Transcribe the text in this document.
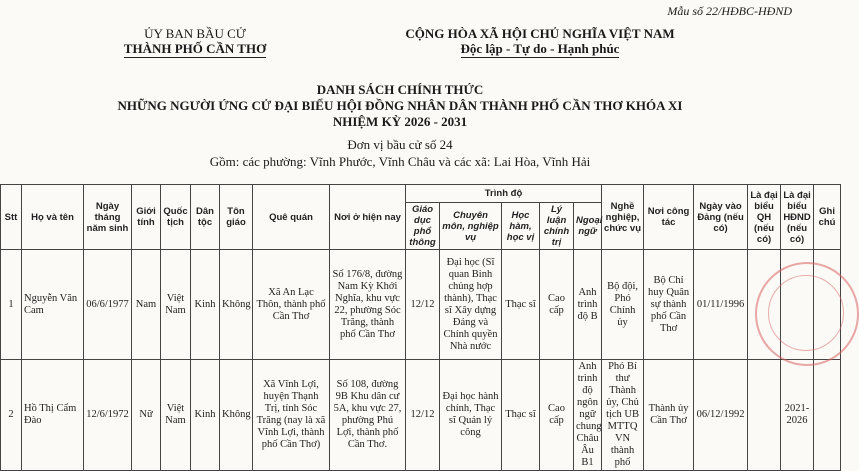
Mẫu số 22/HĐBC-HĐND
ỦY BAN BẦU CỬ
THÀNH PHỐ CẦN THƠ
CỘNG HÒA XÃ HỘI CHỦ NGHĨA VIỆT NAM
Độc lập - Tự do - Hạnh phúc
DANH SÁCH CHÍNH THỨC
NHỮNG NGƯỜI ỨNG CỬ ĐẠI BIỂU HỘI ĐỒNG NHÂN DÂN THÀNH PHỐ CẦN THƠ KHÓA XI
NHIỆM KỲ 2026 - 2031
Đơn vị bầu cử số 24
Gồm: các phường: Vĩnh Phước, Vĩnh Châu và các xã: Lai Hòa, Vĩnh Hải
Stt	Họ và tên	Ngày tháng năm sinh	Giới tính	Quốc tịch	Dân tộc	Tôn giáo	Quê quán	Nơi ở hiện nay	Trình độ					Nghề nghiệp, chức vụ	Nơi công tác	Ngày vào Đảng (nếu có)	Là đại biểu QH (nếu có)	Là đại biểu HĐND (nếu có)	Ghi chú
									Giáo dục phổ thông	Chuyên môn, nghiệp vụ	Học hàm, học vị	Lý luận chính trị	Ngoại ngữ						
1	Nguyễn Văn Cam	06/6/1977	Nam	Việt Nam	Kinh	Không	Xã An Lạc Thôn, thành phố Cần Thơ	Số 176/8, đường Nam Kỳ Khởi Nghĩa, khu vực 22, phường Sóc Trăng, thành phố Cần Thơ	12/12	Đại học (Sĩ quan Binh chủng hợp thành), Thạc sĩ Xây dựng Đảng và Chính quyền Nhà nước	Thạc sĩ	Cao cấp	Anh trình độ B	Bộ đội, Phó Chính ủy	Bộ Chỉ huy Quân sự thành phố Cần Thơ	01/11/1996			
2	Hồ Thị Cẩm Đào	12/6/1972	Nữ	Việt Nam	Kinh	Không	Xã Vĩnh Lợi, huyện Thạnh Trị, tỉnh Sóc Trăng (nay là xã Vĩnh Lợi, thành phố Cần Thơ)	Số 108, đường 9B Khu dân cư 5A, khu vực 27, phường Phú Lợi, thành phố Cần Thơ.	12/12	Đại học hành chính, Thạc sĩ Quản lý công	Thạc sĩ	Cao cấp	Anh trình độ ngôn ngữ chung Châu Âu B1	Phó Bí thư Thành ủy, Chủ tịch UB MTTQ VN thành phố	Thành ủy Cần Thơ	06/12/1992		2021-2026	
